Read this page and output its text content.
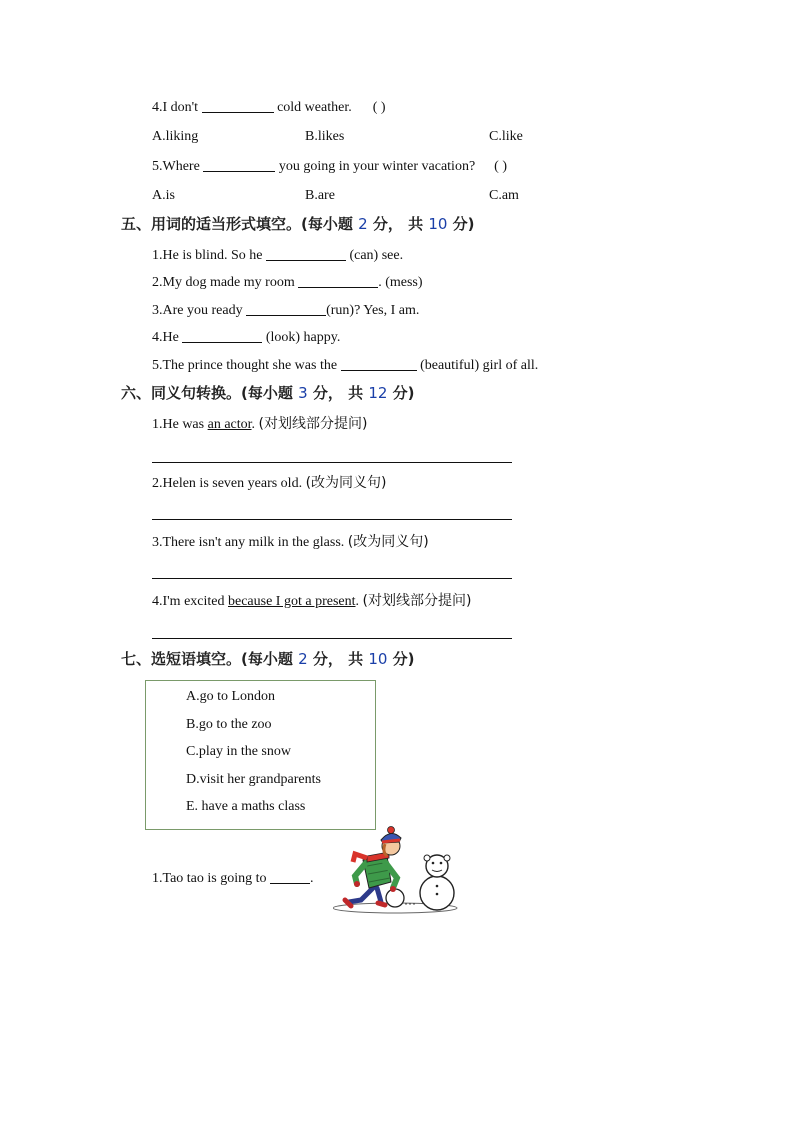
4.I don't	cold weather. ( )
A.liking	B.likes	C.like
5.Where	you going in your winter vacation? ( )
A.is	B.are	C.am
五、用词的适当形式填空。(每小题 2 分， 共 10 分)
1.He is blind. So he	(can) see.
2.My dog made my room	. (mess)
3.Are you ready	(run)? Yes, I am.
4.He	(look) happy.
5.The prince thought she was the	(beautiful) girl of all.
六、同义句转换。(每小题 3 分， 共 12 分)
1.He was an actor. (对划线部分提问)
2.Helen is seven years old. (改为同义句)
3.There isn't any milk in the glass. (改为同义句)
4.I'm excited because I got a present. (对划线部分提问)
七、选短语填空。(每小题 2 分， 共 10 分)
A.go to London
B.go to the zoo
C.play in the snow
D.visit her grandparents
E. have a maths class
1.Tao tao is going to	.
